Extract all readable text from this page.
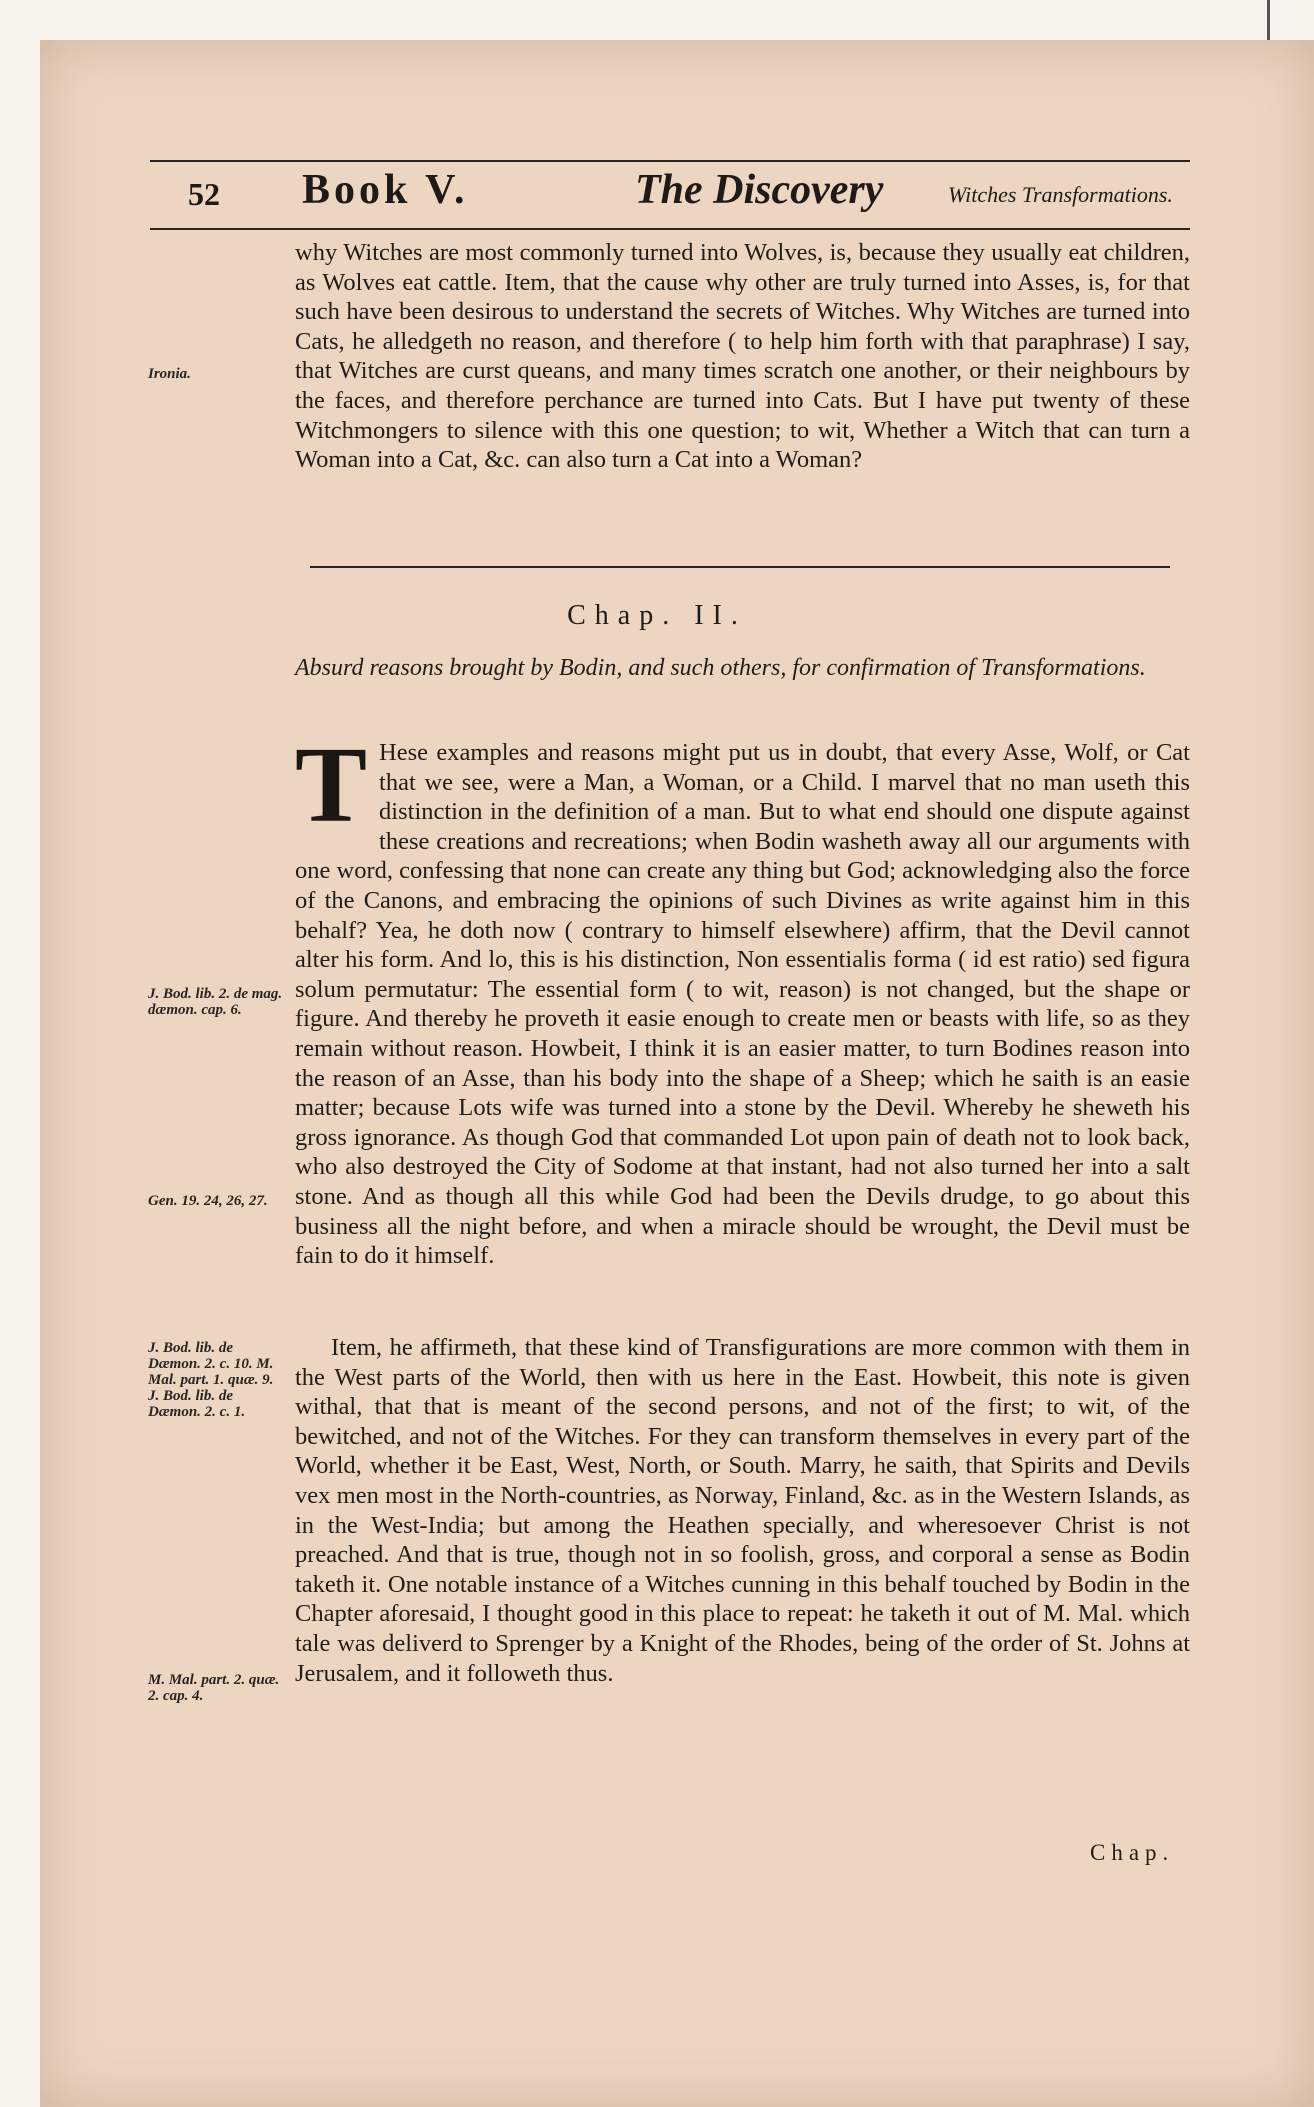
52 Book V.	The Discovery	Witches Transformations.
why Witches are most commonly turned into Wolves, is, because they usually eat children, as Wolves eat cattle. Item, that the cause why other are truly turned into Asses, is, for that such have been desirous to understand the secrets of Witches. Why Witches are turned into Cats, he alledgeth no reason, and therefore ( to help him forth with that paraphrase) I say, that Witches are curst queans, and many times scratch one another, or their neighbours by the faces, and therefore perchance are turned into Cats. But I have put twenty of these Witchmongers to silence with this one question; to wit, Whether a Witch that can turn a Woman into a Cat, &c. can also turn a Cat into a Woman?
Ironia.
Chap. II.
Absurd reasons brought by Bodin, and such others, for confirmation of Transformations.
T Hese examples and reasons might put us in doubt, that every Asse, Wolf, or Cat that we see, were a Man, a Woman, or a Child. I marvel that no man useth this distinction in the definition of a man. But to what end should one dispute against these creations and recreations; when Bodin washeth away all our arguments with one word, confessing that none can create any thing but God; acknowledging also the force of the Canons, and embracing the opinions of such Divines as write against him in this behalf? Yea, he doth now ( contrary to himself elsewhere) affirm, that the Devil cannot alter his form. And lo, this is his distinction, Non essentialis forma ( id est ratio) sed figura solum permutatur: The essential form ( to wit, reason) is not changed, but the shape or figure. And thereby he proveth it easie enough to create men or beasts with life, so as they remain without reason. Howbeit, I think it is an easier matter, to turn Bodines reason into the reason of an Asse, than his body into the shape of a Sheep; which he saith is an easie matter; because Lots wife was turned into a stone by the Devil. Whereby he sheweth his gross ignorance. As though God that commanded Lot upon pain of death not to look back, who also destroyed the City of Sodome at that instant, had not also turned her into a salt stone. And as though all this while God had been the Devils drudge, to go about this business all the night before, and when a miracle should be wrought, the Devil must be fain to do it himself.
J. Bod. lib. 2. de mag. dæmon. cap. 6.
Gen. 19. 24, 26, 27.
J. Bod. lib. de Dæmon. 2. c. 10. M. Mal. part. 1. quæ. 9. J. Bod. lib. de Dæmon. 2. c. 1.
M. Mal. part. 2. quæ. 2. cap. 4.
Item, he affirmeth, that these kind of Transfigurations are more common with them in the West parts of the World, then with us here in the East. Howbeit, this note is given withal, that that is meant of the second persons, and not of the first; to wit, of the bewitched, and not of the Witches. For they can transform themselves in every part of the World, whether it be East, West, North, or South. Marry, he saith, that Spirits and Devils vex men most in the North-countries, as Norway, Finland, &c. as in the Western Islands, as in the West-India; but among the Heathen specially, and wheresoever Christ is not preached. And that is true, though not in so foolish, gross, and corporal a sense as Bodin taketh it. One notable instance of a Witches cunning in this behalf touched by Bodin in the Chapter aforesaid, I thought good in this place to repeat: he taketh it out of M. Mal. which tale was deliverd to Sprenger by a Knight of the Rhodes, being of the order of St. Johns at Jerusalem, and it followeth thus.
Chap.
